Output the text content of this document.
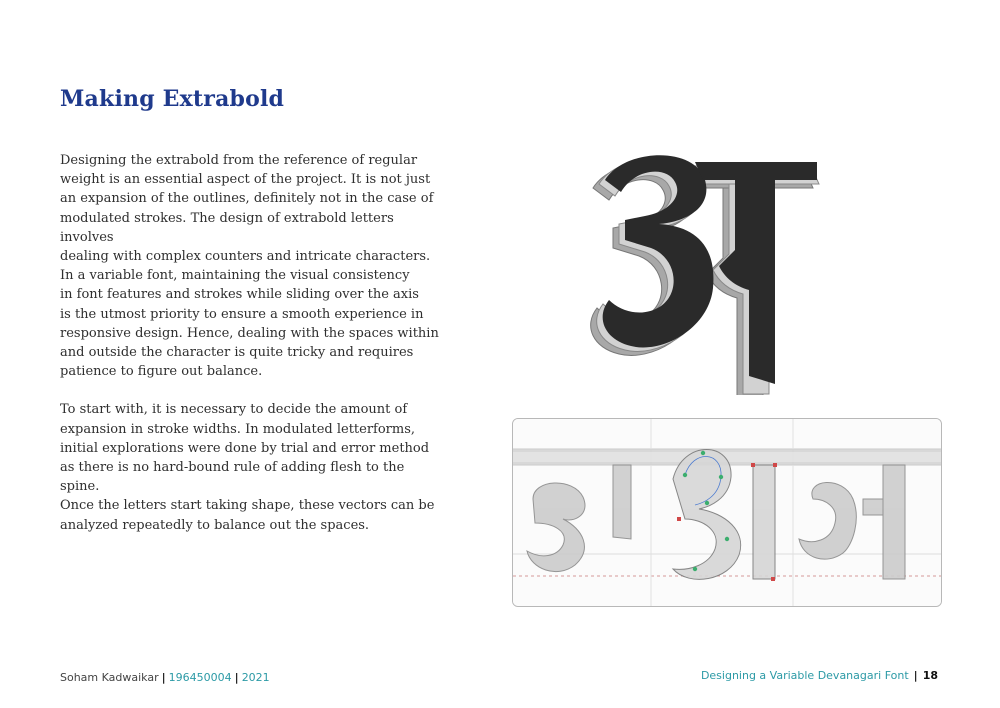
Making Extrabold

Designing the extrabold from the reference of regular
weight is an essential aspect of the project. It is not just
an expansion of the outlines, definitely not in the case of
modulated strokes. The design of extrabold letters involves
dealing with complex counters and intricate characters.
In a variable font, maintaining the visual consistency
in font features and strokes while sliding over the axis
is the utmost priority to ensure a smooth experience in
responsive design. Hence, dealing with the spaces within
and outside the character is quite tricky and requires
patience to figure out balance.

To start with, it is necessary to decide the amount of
expansion in stroke widths. In modulated letterforms,
initial explorations were done by trial and error method
as there is no hard-bound rule of adding flesh to the spine.
Once the letters start taking shape, these vectors can be
analyzed repeatedly to balance out the spaces.

Soham Kadwaikar | 196450004 | 2021	Designing a Variable Devanagari Font | 18
